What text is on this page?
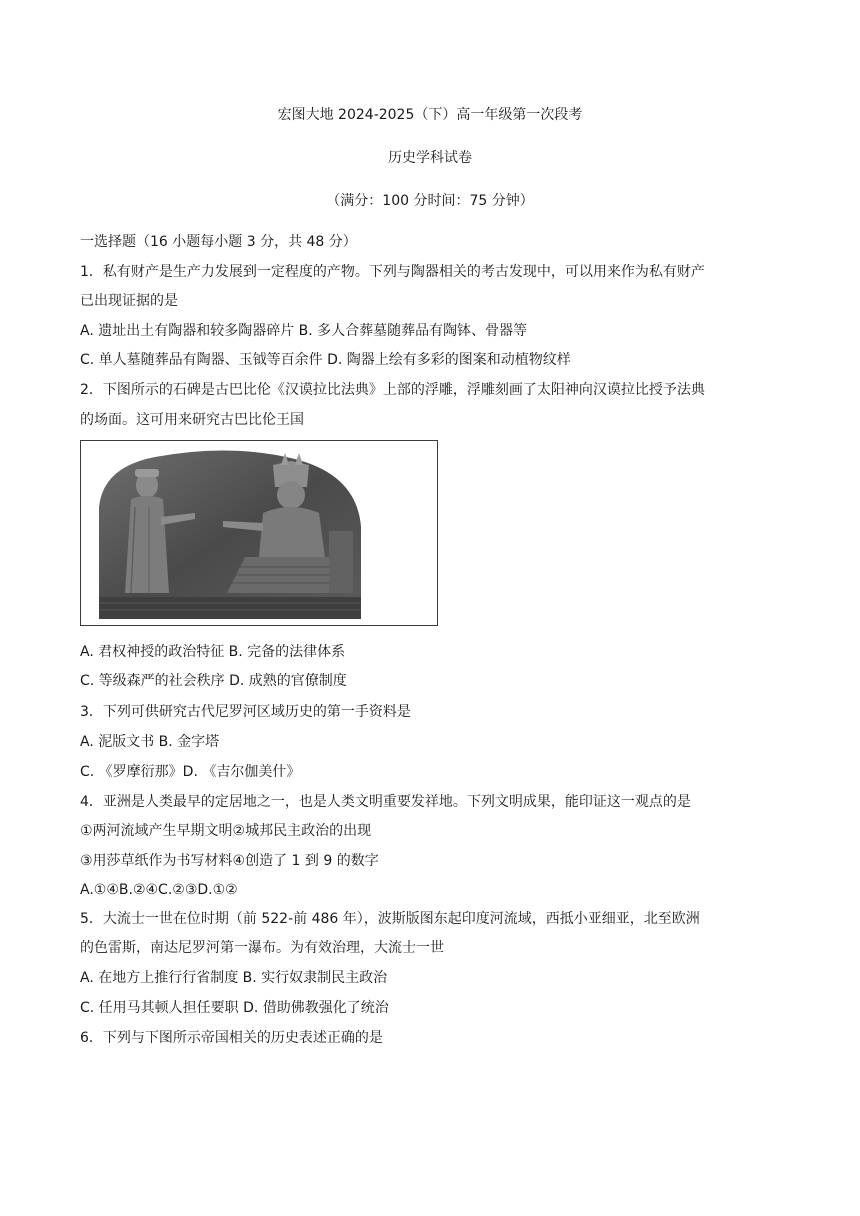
宏图大地 2024-2025（下）高一年级第一次段考
历史学科试卷
（满分：100 分时间：75 分钟）
一选择题（16 小题每小题 3 分，共 48 分）
1．私有财产是生产力发展到一定程度的产物。下列与陶器相关的考古发现中，可以用来作为私有财产
已出现证据的是
A. 遗址出土有陶器和较多陶器碎片 B. 多人合葬墓随葬品有陶钵、骨器等
C. 单人墓随葬品有陶器、玉钺等百余件 D. 陶器上绘有多彩的图案和动植物纹样
2．下图所示的石碑是古巴比伦《汉谟拉比法典》上部的浮雕，浮雕刻画了太阳神向汉谟拉比授予法典
的场面。这可用来研究古巴比伦王国
A. 君权神授的政治特征 B. 完备的法律体系
C. 等级森严的社会秩序 D. 成熟的官僚制度
3．下列可供研究古代尼罗河区域历史的第一手资料是
A. 泥版文书 B. 金字塔
C. 《罗摩衍那》D. 《吉尔伽美什》
4．亚洲是人类最早的定居地之一，也是人类文明重要发祥地。下列文明成果，能印证这一观点的是
①两河流域产生早期文明②城邦民主政治的出现
③用莎草纸作为书写材料④创造了 1 到 9 的数字
A.①④B.②④C.②③D.①②
5．大流士一世在位时期（前 522-前 486 年），波斯版图东起印度河流域，西抵小亚细亚，北至欧洲
的色雷斯，南达尼罗河第一瀑布。为有效治理，大流士一世
A. 在地方上推行行省制度 B. 实行奴隶制民主政治
C. 任用马其顿人担任要职 D. 借助佛教强化了统治
6．下列与下图所示帝国相关的历史表述正确的是
